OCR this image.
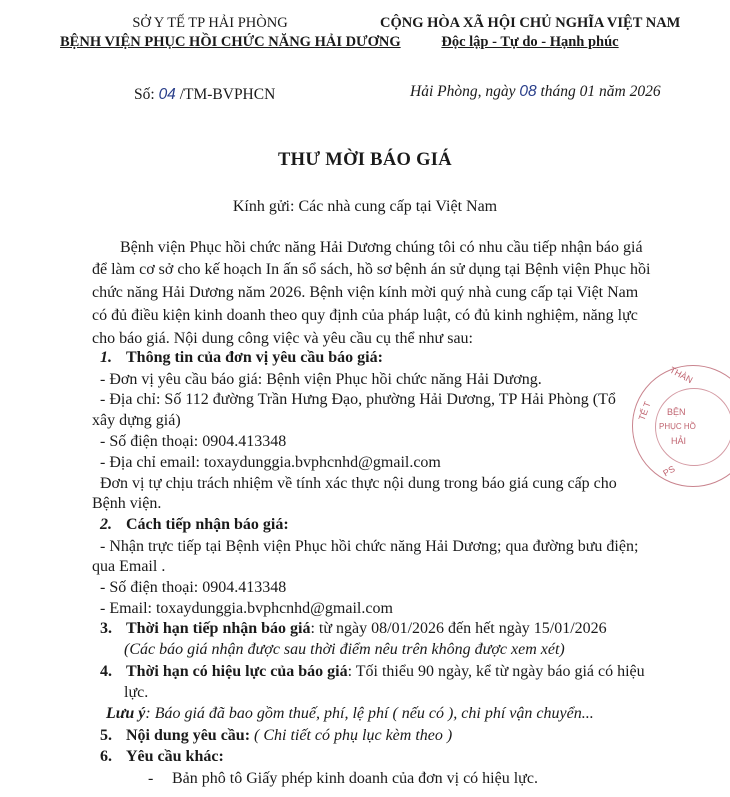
SỞ Y TẾ TP HẢI PHÒNG
BỆNH VIỆN PHỤC HỒI CHỨC NĂNG HẢI DƯƠNG
Số: 04 /TM-BVPHCN
CỘNG HÒA XÃ HỘI CHỦ NGHĨA VIỆT NAM
Độc lập - Tự do - Hạnh phúc
Hải Phòng, ngày 08 tháng 01 năm 2026
THƯ MỜI BÁO GIÁ
Kính gửi: Các nhà cung cấp tại Việt Nam
Bệnh viện Phục hồi chức năng Hải Dương chúng tôi có nhu cầu tiếp nhận báo giá
để làm cơ sở cho kế hoạch In ấn sổ sách, hồ sơ bệnh án sử dụng tại Bệnh viện Phục hồi
chức năng Hải Dương năm 2026. Bệnh viện kính mời quý nhà cung cấp tại Việt Nam
có đủ điều kiện kinh doanh theo quy định của pháp luật, có đủ kinh nghiệm, năng lực
cho báo giá. Nội dung công việc và yêu cầu cụ thể như sau:
1. Thông tin của đơn vị yêu cầu báo giá:
- Đơn vị yêu cầu báo giá: Bệnh viện Phục hồi chức năng Hải Dương.
- Địa chỉ: Số 112 đường Trần Hưng Đạo, phường Hải Dương, TP Hải Phòng (Tổ
xây dựng giá)
- Số điện thoại: 0904.413348
- Địa chỉ email: toxaydunggia.bvphcnhd@gmail.com
Đơn vị tự chịu trách nhiệm về tính xác thực nội dung trong báo giá cung cấp cho
Bệnh viện.
2. Cách tiếp nhận báo giá:
- Nhận trực tiếp tại Bệnh viện Phục hồi chức năng Hải Dương; qua đường bưu điện;
qua Email .
- Số điện thoại: 0904.413348
- Email: toxaydunggia.bvphcnhd@gmail.com
3. Thời hạn tiếp nhận báo giá: từ ngày 08/01/2026 đến hết ngày 15/01/2026
(Các báo giá nhận được sau thời điểm nêu trên không được xem xét)
4. Thời hạn có hiệu lực của báo giá: Tối thiểu 90 ngày, kể từ ngày báo giá có hiệu
lực.
Lưu ý: Báo giá đã bao gồm thuế, phí, lệ phí ( nếu có ), chi phí vận chuyển...
5. Nội dung yêu cầu: ( Chi tiết có phụ lục kèm theo )
6. Yêu cầu khác:
- Bản phô tô Giấy phép kinh doanh của đơn vị có hiệu lực.
THÀN
TẾ T BỆN
PHỤC HỒ
HẢI
PS
